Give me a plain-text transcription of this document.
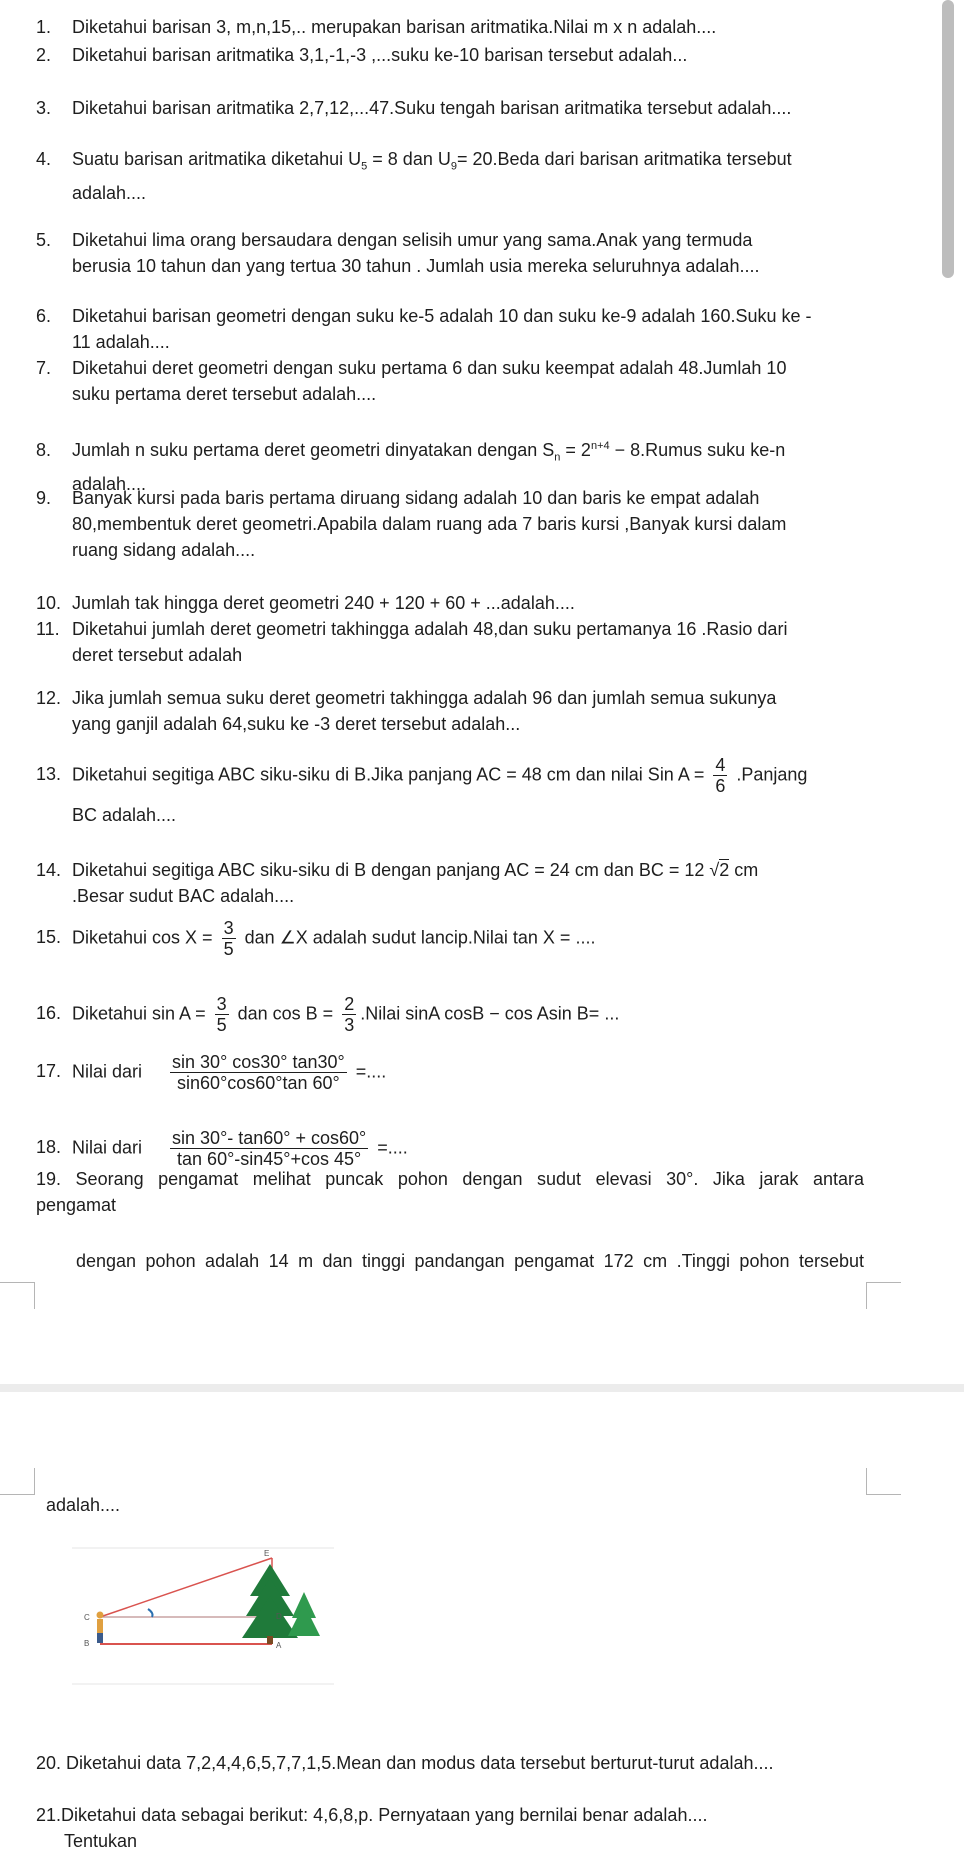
1. Diketahui barisan 3, m,n,15,.. merupakan barisan aritmatika.Nilai m x n adalah....
2. Diketahui barisan aritmatika 3,1,-1,-3 ,...suku ke-10 barisan tersebut adalah...
3. Diketahui barisan aritmatika 2,7,12,...47.Suku tengah barisan aritmatika tersebut adalah....
4. Suatu barisan aritmatika diketahui $U_5 = 8$ dan $U_9=$ 20.Beda dari barisan aritmatika tersebut
adalah....
5. Diketahui lima orang bersaudara dengan selisih umur yang sama.Anak yang termuda
berusia 10 tahun dan yang tertua 30 tahun . Jumlah usia mereka seluruhnya adalah....
6. Diketahui barisan geometri dengan suku ke-5 adalah 10 dan suku ke-9 adalah 160.Suku ke -
11 adalah....
7. Diketahui deret geometri dengan suku pertama 6 dan suku keempat adalah 48.Jumlah 10
suku pertama deret tersebut adalah....
8. Jumlah n suku pertama deret geometri dinyatakan dengan $S_n = 2^{n+4}$ − 8.Rumus suku ke-n
adalah....
9. Banyak kursi pada baris pertama diruang sidang adalah 10 dan baris ke empat adalah
80,membentuk deret geometri.Apabila dalam ruang ada 7 baris kursi ,Banyak kursi dalam
ruang sidang adalah....
10. Jumlah tak hingga deret geometri 240 + 120 + 60 + ...adalah....
11. Diketahui jumlah deret geometri takhingga adalah 48,dan suku pertamanya 16 .Rasio dari
deret tersebut adalah
12. Jika jumlah semua suku deret geometri takhingga adalah 96 dan jumlah semua sukunya
yang ganjil adalah 64,suku ke -3 deret tersebut adalah...
13. Diketahui segitiga ABC siku-siku di B.Jika panjang AC = 48 cm dan nilai Sin $A = \frac{4}{6}$ .Panjang
BC adalah....
14. Diketahui segitiga ABC siku-siku di B dengan panjang AC = 24 cm dan BC = 12 √2 cm
.Besar sudut BAC adalah....
15. Diketahui $\cos X = \frac{3}{5}$ dan ∠X adalah sudut lancip.Nilai tan X = ....
16. Diketahui $\sin A = \frac{3}{5}$ dan $\cos B = \frac{2}{3}$ .Nilai sinA cosB − cos Asin B= ...
17. Nilai dari $\frac{\sin 30^\circ \cos 30^\circ \tan 30^\circ}{\sin 60^\circ\cos 60^\circ\tan 60^\circ}$ =....
18. Nilai dari $\frac{\sin 30^\circ- \tan 60^\circ + \cos 60^\circ}{\tan 60^\circ-\sin 45^\circ+\cos 45^\circ}$ =....
19. Seorang pengamat melihat puncak pohon dengan sudut elevasi 30°. Jika jarak antara
pengamat
dengan pohon adalah 14 m dan tinggi pandangan pengamat 172 cm .Tinggi pohon tersebut
adalah....
C
B
E
D
A
20. Diketahui data 7,2,4,4,6,5,7,7,1,5.Mean dan modus data tersebut berturut-turut adalah....
21.Diketahui data sebagai berikut: 4,6,8,p. Pernyataan yang bernilai benar adalah....
Tentukan
